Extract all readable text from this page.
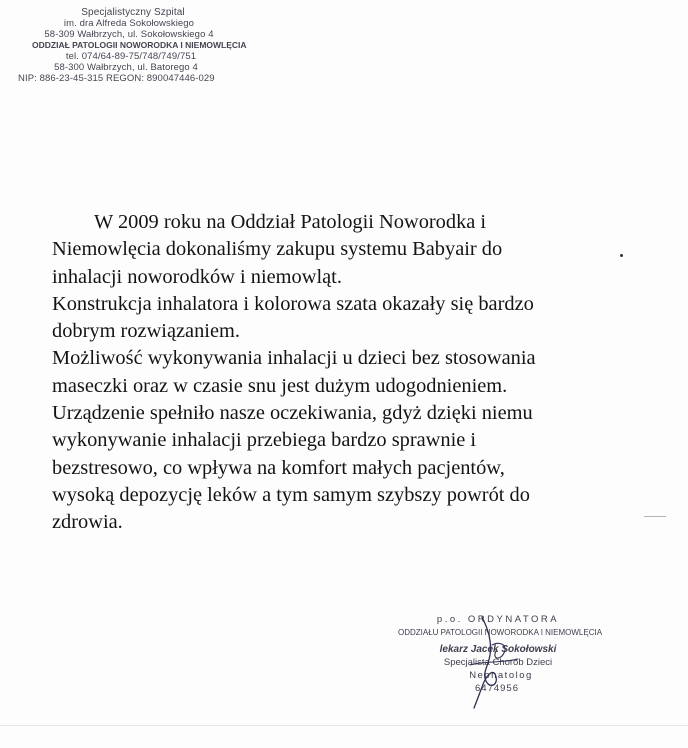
Specjalistyczny Szpital
im. dra Alfreda Sokołowskiego
58-309 Wałbrzych, ul. Sokołowskiego 4
ODDZIAŁ PATOLOGII NOWORODKA I NIEMOWLĘCIA
tel. 074/64-89-75/748/749/751
58-300 Wałbrzych, ul. Batorego 4
NIP: 886-23-45-315 REGON: 890047446-029

W 2009 roku na Oddział Patologii Noworodka i

Niemowlęcia dokonaliśmy zakupu systemu Babyair do

inhalacji noworodków i niemowląt.

Konstrukcja inhalatora i kolorowa szata okazały się bardzo

dobrym rozwiązaniem.

Możliwość wykonywania inhalacji u dzieci bez stosowania

maseczki oraz w czasie snu jest dużym udogodnieniem.

Urządzenie spełniło nasze oczekiwania, gdyż dzięki niemu

wykonywanie inhalacji przebiega bardzo sprawnie i

bezstresowo, co wpływa na komfort małych pacjentów,

wysoką depozycję leków a tym samym szybszy powrót do

zdrowia.

p.o. ORDYNATORA
ODDZIAŁU PATOLOGII NOWORODKA I NIEMOWLĘCIA
lekarz Jacek Sokołowski
Specjalista Chorób Dzieci
Neonatolog
6474956
